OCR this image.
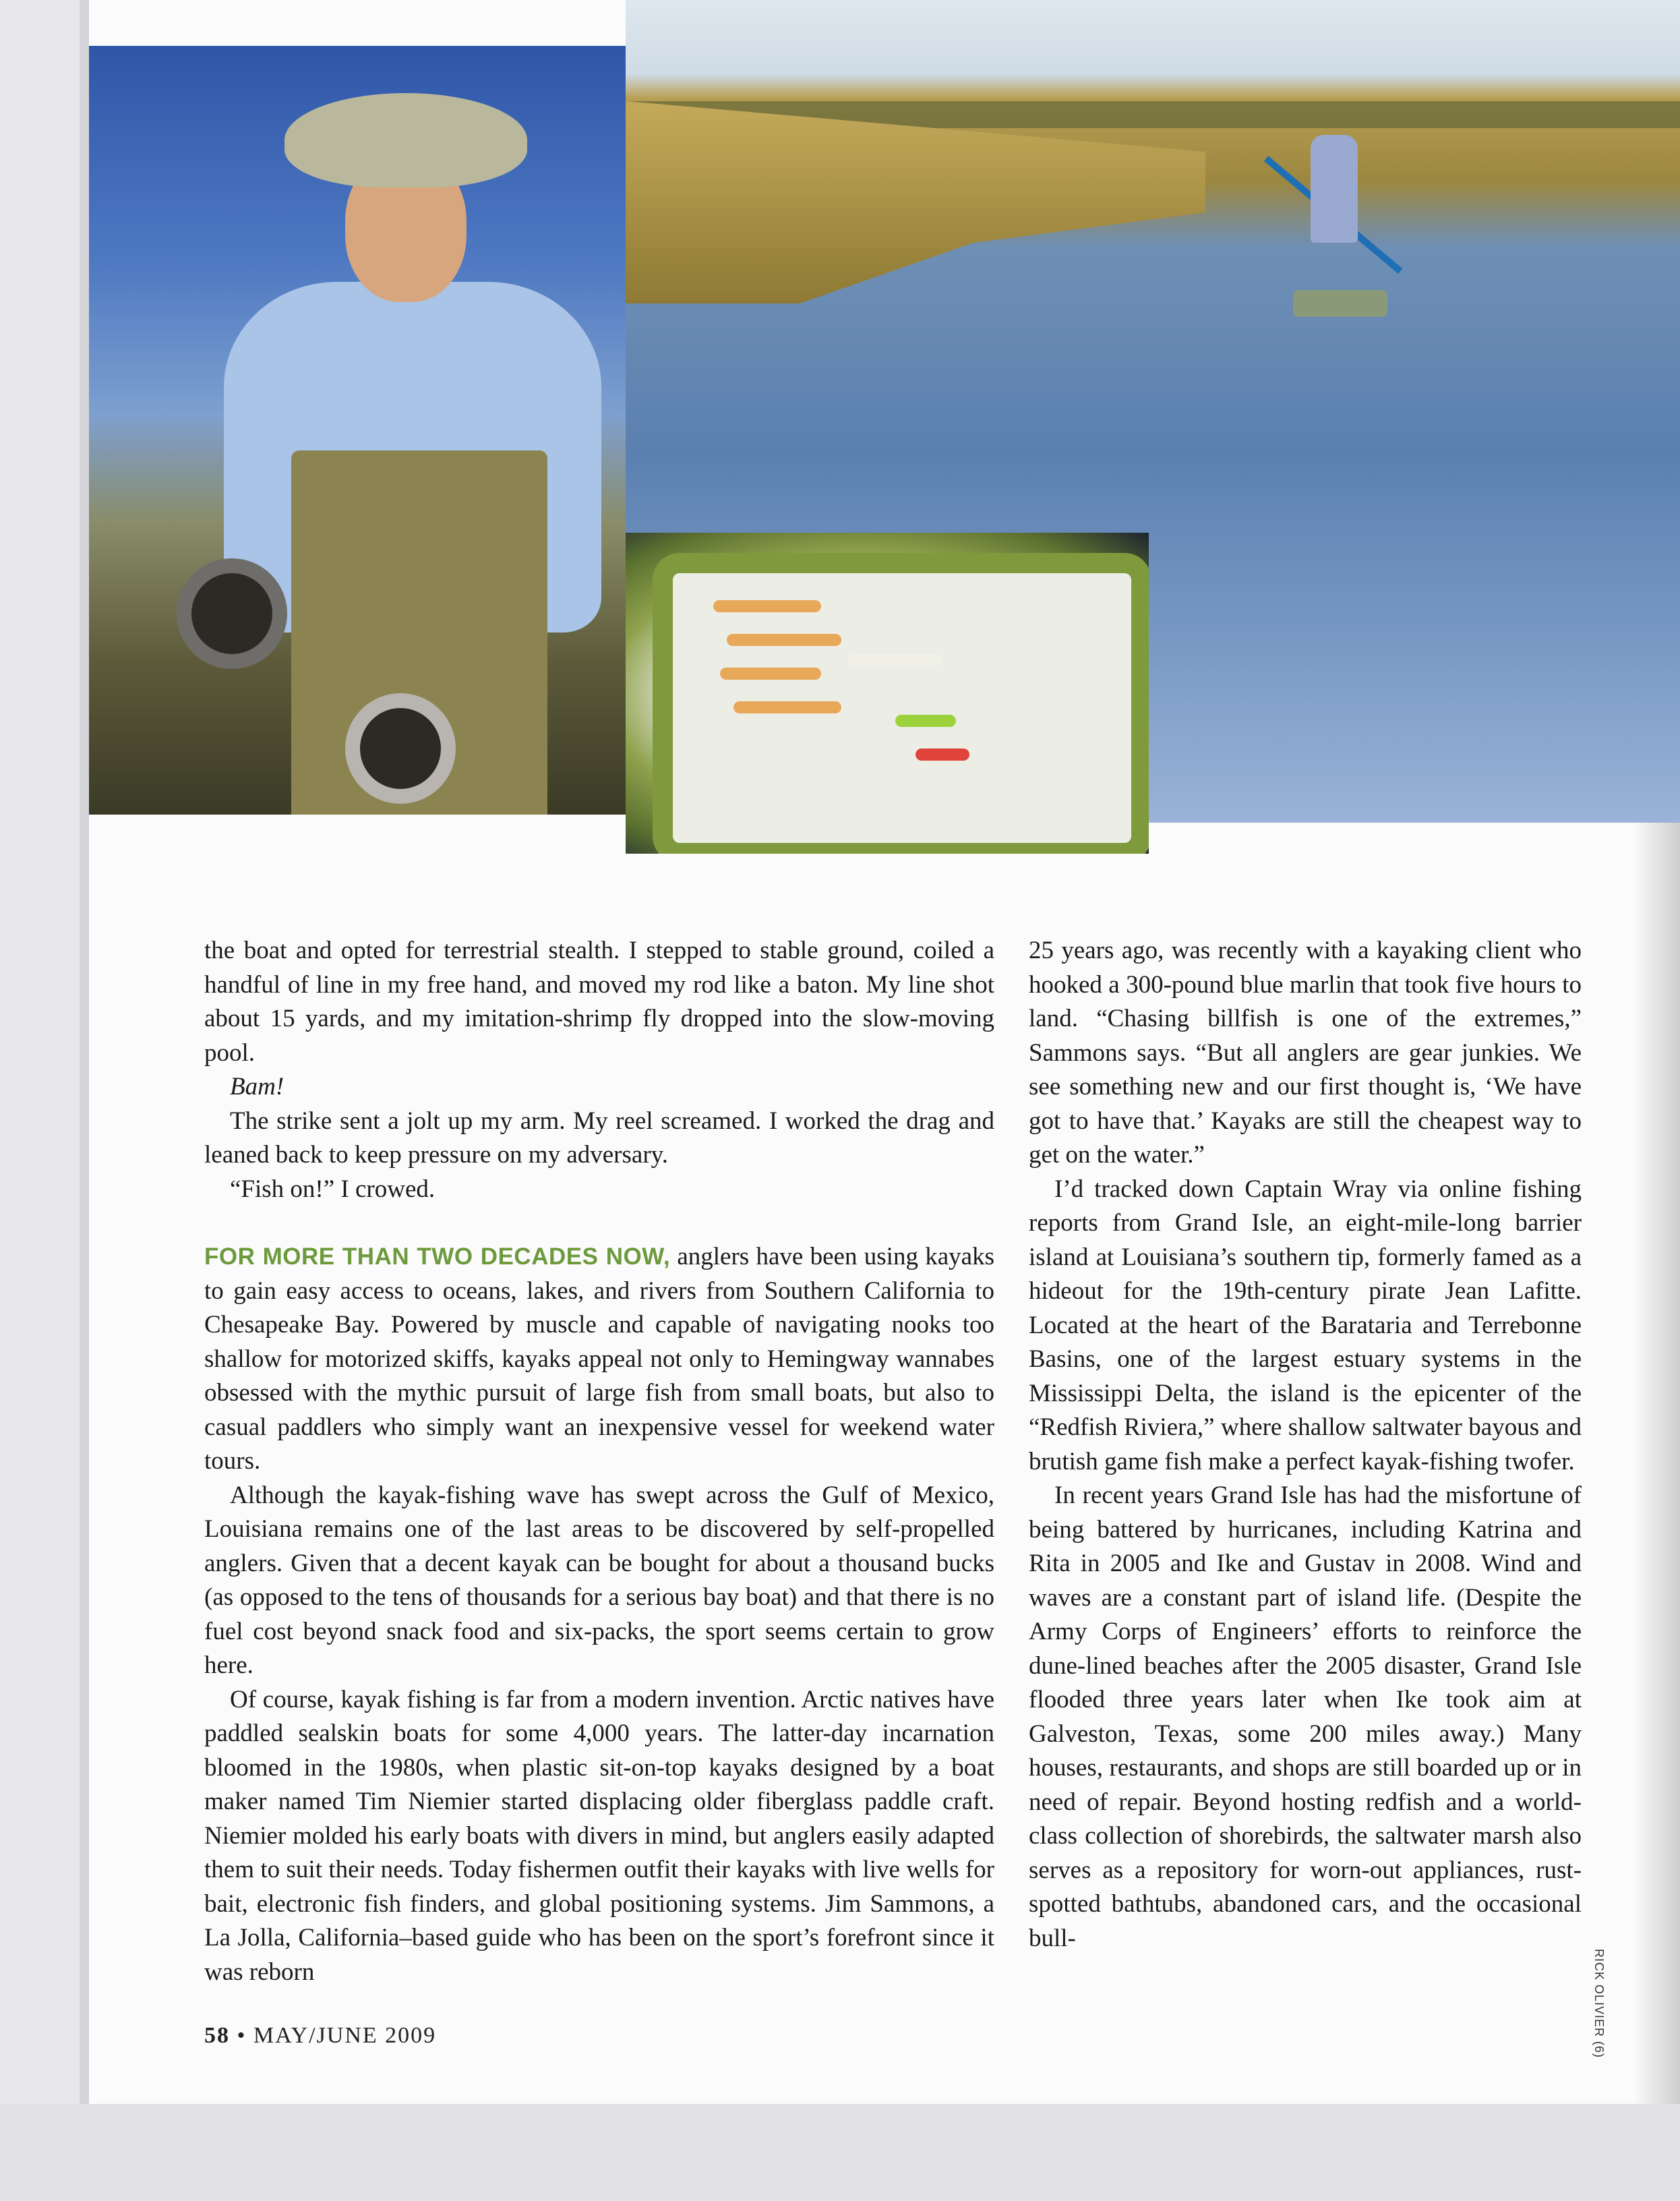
the boat and opted for terrestrial stealth. I stepped to stable ground, coiled a handful of line in my free hand, and moved my rod like a baton. My line shot about 15 yards, and my imitation-shrimp fly dropped into the slow-moving pool.

Bam!

The strike sent a jolt up my arm. My reel screamed. I worked the drag and leaned back to keep pressure on my adversary.

“Fish on!” I crowed.

FOR MORE THAN TWO DECADES NOW, anglers have been using kayaks to gain easy access to oceans, lakes, and rivers from Southern California to Chesapeake Bay. Powered by muscle and capable of navigating nooks too shallow for motorized skiffs, kayaks appeal not only to Hemingway wannabes obsessed with the mythic pursuit of large fish from small boats, but also to casual paddlers who simply want an inexpensive vessel for weekend water tours.

Although the kayak-fishing wave has swept across the Gulf of Mexico, Louisiana remains one of the last areas to be discovered by self-propelled anglers. Given that a decent kayak can be bought for about a thousand bucks (as opposed to the tens of thousands for a serious bay boat) and that there is no fuel cost beyond snack food and six-packs, the sport seems certain to grow here.

Of course, kayak fishing is far from a modern invention. Arctic natives have paddled sealskin boats for some 4,000 years. The latter-day incarnation bloomed in the 1980s, when plastic sit-on-top kayaks designed by a boat maker named Tim Niemier started displacing older fiberglass paddle craft. Niemier molded his early boats with divers in mind, but anglers easily adapted them to suit their needs. Today fishermen outfit their kayaks with live wells for bait, electronic fish finders, and global positioning systems. Jim Sammons, a La Jolla, California–based guide who has been on the sport’s forefront since it was reborn

25 years ago, was recently with a kayaking client who hooked a 300-pound blue marlin that took five hours to land. “Chasing billfish is one of the extremes,” Sammons says. “But all anglers are gear junkies. We see something new and our first thought is, ‘We have got to have that.’ Kayaks are still the cheapest way to get on the water.”

I’d tracked down Captain Wray via online fishing reports from Grand Isle, an eight-mile-long barrier island at Louisiana’s southern tip, formerly famed as a hideout for the 19th-century pirate Jean Lafitte. Located at the heart of the Barataria and Terrebonne Basins, one of the largest estuary systems in the Mississippi Delta, the island is the epicenter of the “Redfish Riviera,” where shallow saltwater bayous and brutish game fish make a perfect kayak-fishing twofer.

In recent years Grand Isle has had the misfortune of being battered by hurricanes, including Katrina and Rita in 2005 and Ike and Gustav in 2008. Wind and waves are a constant part of island life. (Despite the Army Corps of Engineers’ efforts to reinforce the dune-lined beaches after the 2005 disaster, Grand Isle flooded three years later when Ike took aim at Galveston, Texas, some 200 miles away.) Many houses, restaurants, and shops are still boarded up or in need of repair. Beyond hosting redfish and a world-class collection of shorebirds, the saltwater marsh also serves as a repository for worn-out appliances, rust-spotted bathtubs, abandoned cars, and the occasional bull-

58 • MAY/JUNE 2009	RICK OLIVIER (6)
